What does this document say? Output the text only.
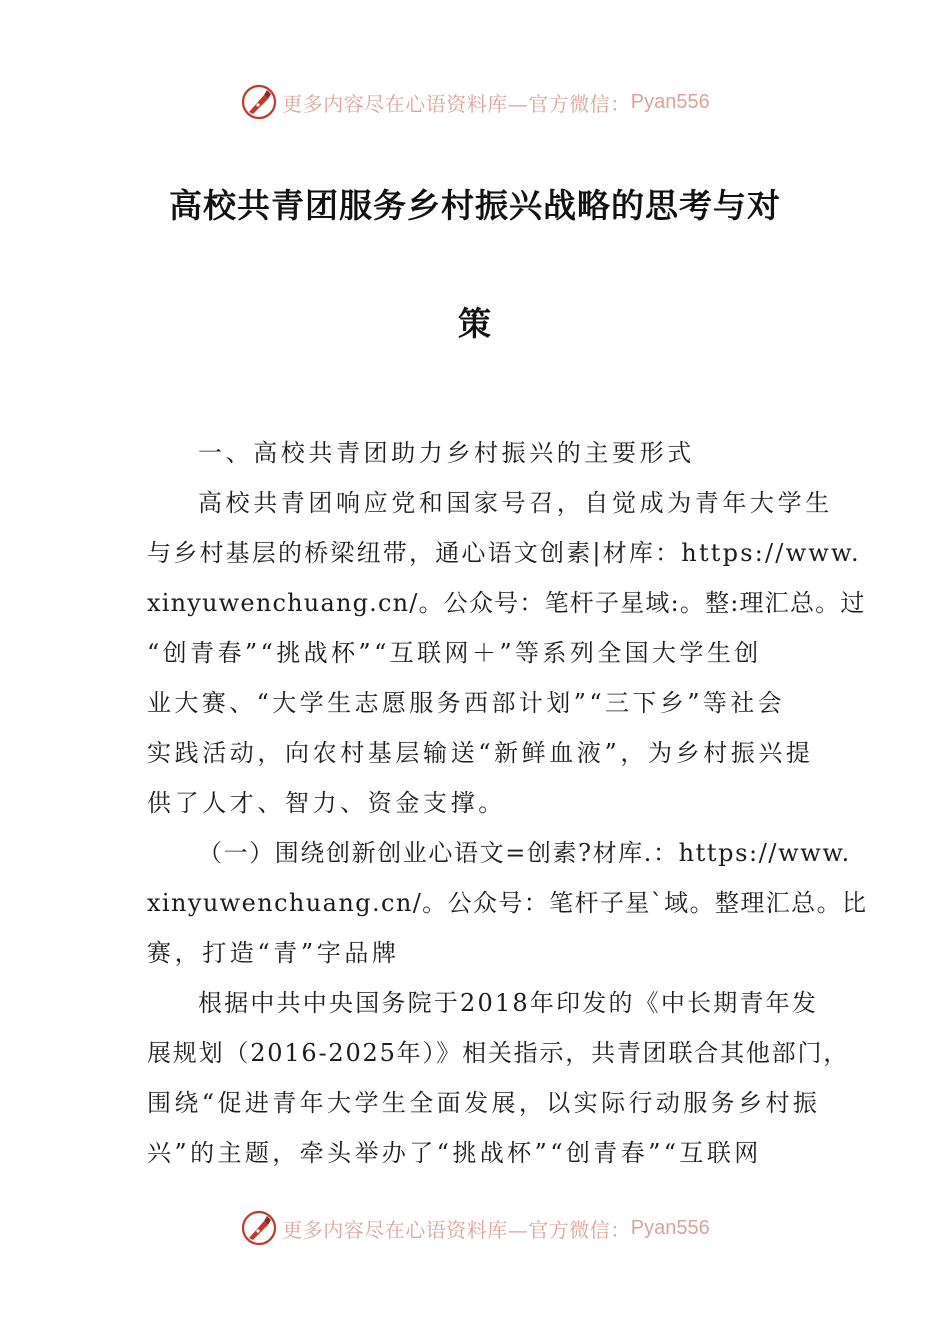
更多内容尽在心语资料库—官方微信： Pyan556
高校共青团服务乡村振兴战略的思考与对
策
一、高校共青团助力乡村振兴的主要形式
高校共青团响应党和国家号召，自觉成为青年大学生
与乡村基层的桥梁纽带，通心语文创素|材库：https://www.
xinyuwenchuang.cn/。公众号：笔杆子星域:。整:理汇总。过
“创青春”“挑战杯”“互联网＋”等系列全国大学生创
业大赛、“大学生志愿服务西部计划”“三下乡”等社会
实践活动，向农村基层输送“新鲜血液”，为乡村振兴提
供了人才、智力、资金支撑。
（一）围绕创新创业心语文=创素?材库.：https://www.
xinyuwenchuang.cn/。公众号：笔杆子星`域。整理汇总。比
赛，打造“青”字品牌
根据中共中央国务院于2018年印发的《中长期青年发
展规划（2016-2025年）》相关指示，共青团联合其他部门，
围绕“促进青年大学生全面发展，以实际行动服务乡村振
兴”的主题，牵头举办了“挑战杯”“创青春”“互联网
更多内容尽在心语资料库—官方微信： Pyan556
